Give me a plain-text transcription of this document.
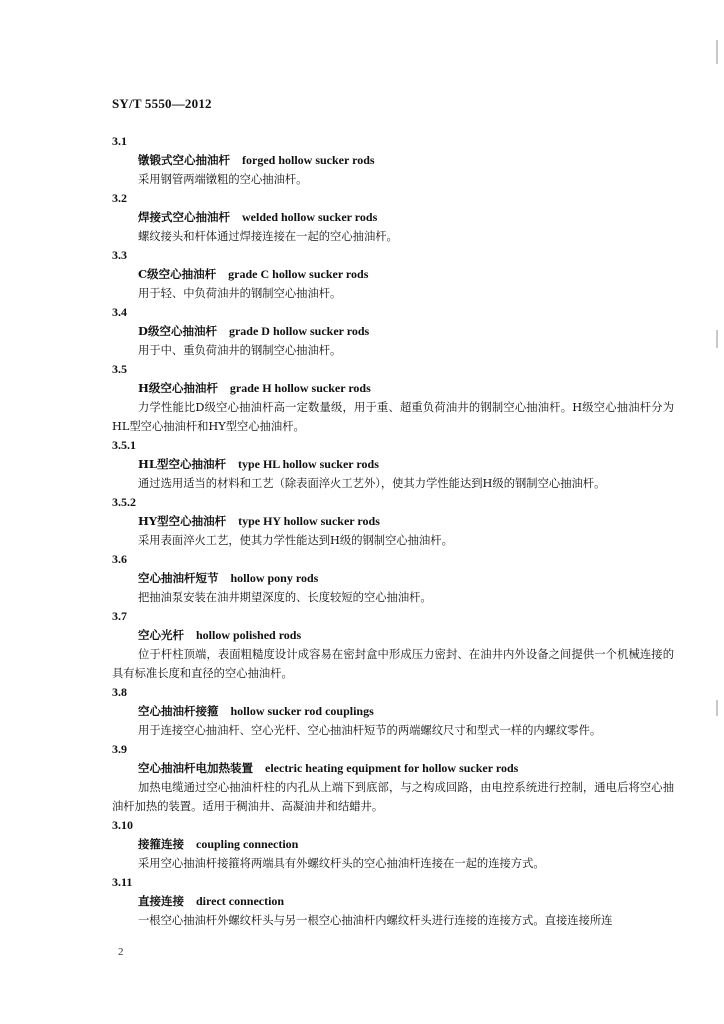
SY/T 5550—2012
3.1
镦锻式空心抽油杆 forged hollow sucker rods

采用钢管两端镦粗的空心抽油杆。

3.2
焊接式空心抽油杆 welded hollow sucker rods

螺纹接头和杆体通过焊接连接在一起的空心抽油杆。

3.3
C级空心抽油杆 grade C hollow sucker rods

用于轻、中负荷油井的钢制空心抽油杆。

3.4
D级空心抽油杆 grade D hollow sucker rods

用于中、重负荷油井的钢制空心抽油杆。

3.5
H级空心抽油杆 grade H hollow sucker rods

力学性能比D级空心抽油杆高一定数量级，用于重、超重负荷油井的钢制空心抽油杆。H级空心抽油杆分为HL型空心抽油杆和HY型空心抽油杆。

3.5.1
HL型空心抽油杆 type HL hollow sucker rods

通过选用适当的材料和工艺（除表面淬火工艺外），使其力学性能达到H级的钢制空心抽油杆。

3.5.2
HY型空心抽油杆 type HY hollow sucker rods

采用表面淬火工艺，使其力学性能达到H级的钢制空心抽油杆。

3.6
空心抽油杆短节 hollow pony rods

把抽油泵安装在油井期望深度的、长度较短的空心抽油杆。

3.7
空心光杆 hollow polished rods

位于杆柱顶端，表面粗糙度设计成容易在密封盒中形成压力密封、在油井内外设备之间提供一个机械连接的具有标准长度和直径的空心抽油杆。

3.8
空心抽油杆接箍 hollow sucker rod couplings

用于连接空心抽油杆、空心光杆、空心抽油杆短节的两端螺纹尺寸和型式一样的内螺纹零件。

3.9
空心抽油杆电加热装置 electric heating equipment for hollow sucker rods

加热电缆通过空心抽油杆柱的内孔从上端下到底部，与之构成回路，由电控系统进行控制，通电后将空心抽油杆加热的装置。适用于稠油井、高凝油井和结蜡井。

3.10
接箍连接 coupling connection

采用空心抽油杆接箍将两端具有外螺纹杆头的空心抽油杆连接在一起的连接方式。

3.11
直接连接 direct connection

一根空心抽油杆外螺纹杆头与另一根空心抽油杆内螺纹杆头进行连接的连接方式。直接连接所连

2
